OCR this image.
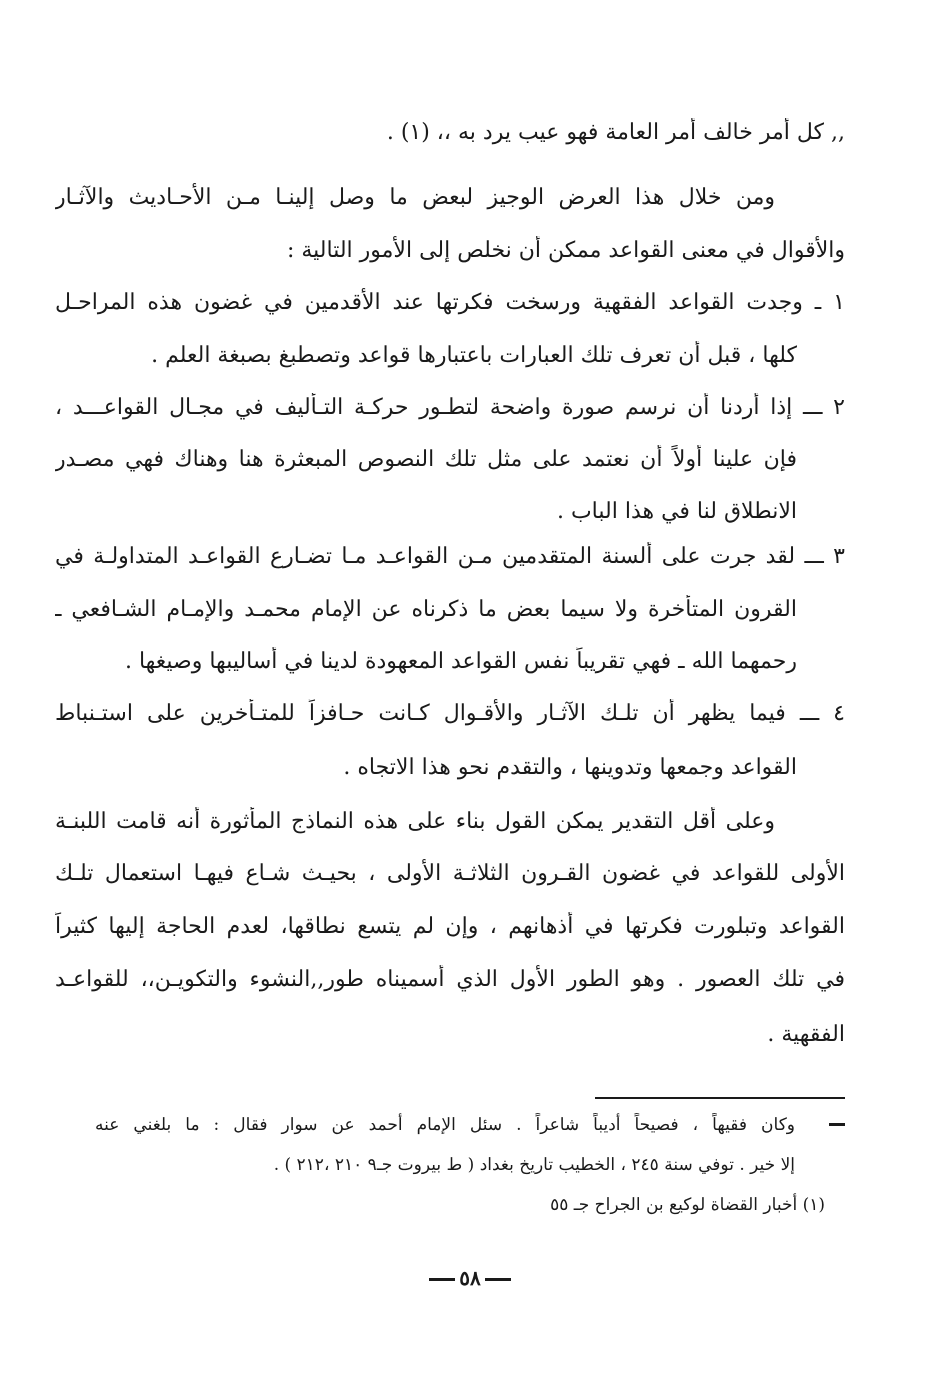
,, كل أمر خالف أمر العامة فهو عيب يرد به ،، (١) .
ومن خلال هذا العرض الوجيز لبعض ما وصل إلينـا مـن الأحـاديث والآثـار
والأقوال في معنى القواعد ممكن أن نخلص إلى الأمور التالية :
١ ـ وجدت القواعد الفقهية ورسخت فكرتها عند الأقدمين في غضون هذه المراحـل
كلها ، قبل أن تعرف تلك العبارات باعتبارها قواعد وتصطبغ بصبغة العلم .
٢ ـــ إذا أردنا أن نرسم صورة واضحة لتطـور حركـة التـأليف في مجـال القواعـــد ،
فإن علينا أولاً أن نعتمد على مثل تلك النصوص المبعثرة هنا وهناك فهي مصـدر
الانطلاق لنا في هذا الباب .
٣ ـــ لقد جرت على ألسنة المتقدمين مـن القواعـد مـا تضـارع القواعـد المتداولـة في
القرون المتأخرة ولا سيما بعض ما ذكرناه عن الإمام محمـد والإمـام الشـافعي ـ
رحمهما الله ـ فهي تقريباً نفس القواعد المعهودة لدينا في أساليبها وصيغها .
٤ ـــ فيما يظهر أن تلـك الآثـار والأقـوال كـانت حـافزاً للمتـأخرين على استـنباط
القواعد وجمعها وتدوينها ، والتقدم نحو هذا الاتجاه .
وعلى أقل التقدير يمكن القول بناء على هذه النماذج المأثورة أنه قامت اللبنـة
الأولى للقواعد في غضون القـرون الثلاثـة الأولى ، بحيـث شـاع فيهـا استعمال تلـك
القواعد وتبلورت فكرتها في أذهانهم ، وإن لم يتسع نطاقها، لعدم الحاجة إليها كثيراً
في تلك العصور . وهو الطور الأول الذي أسميناه طور,,النشوء والتكويـن،، للقواعـد
الفقهية .
وكان فقيهاً ، فصيحاً أديباً شاعراً . سئل الإمام أحمد عن سوار فقال : ما بلغني عنه
إلا خير . توفي سنة ٢٤٥ ، الخطيب تاريخ بغداد ( ط بيروت جـ٩ ٢١٠ ،٢١٢ ) .
(١) أخبار القضاة لوكيع بن الجراح جـ ٥٥
٥٨
